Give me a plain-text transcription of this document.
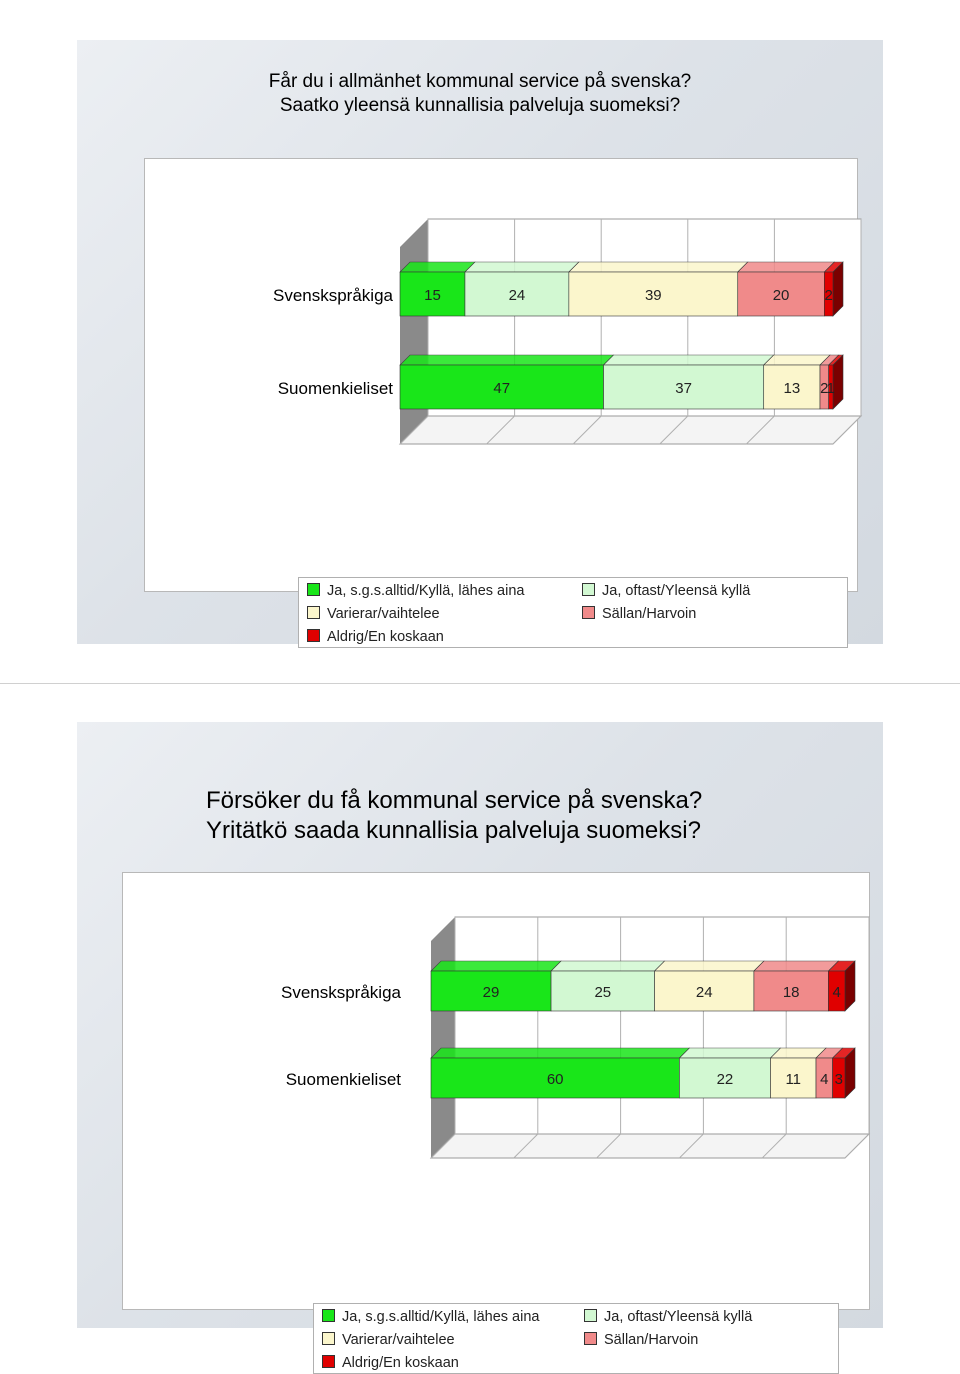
Får du i allmänhet kommunal service på svenska?
Saatko yleensä kunnallisia palveluja suomeksi?
15	24	39	20 2
Svenskspråkiga
47	37	13 2
1
Suomenkieliset
Ja, s.g.s.alltid/Kyllä, lähes aina	Ja, oftast/Yleensä kyllä
Varierar/vaihtelee	Sällan/Harvoin
Aldrig/En koskaan
Försöker du få kommunal service på svenska?
Yritätkö saada kunnallisia palveluja suomeksi?
29	25	24	18 4
Svenskspråkiga
60	22	11 4 3
Suomenkieliset
Ja, s.g.s.alltid/Kyllä, lähes aina	Ja, oftast/Yleensä kyllä
Varierar/vaihtelee	Sällan/Harvoin
Aldrig/En koskaan
